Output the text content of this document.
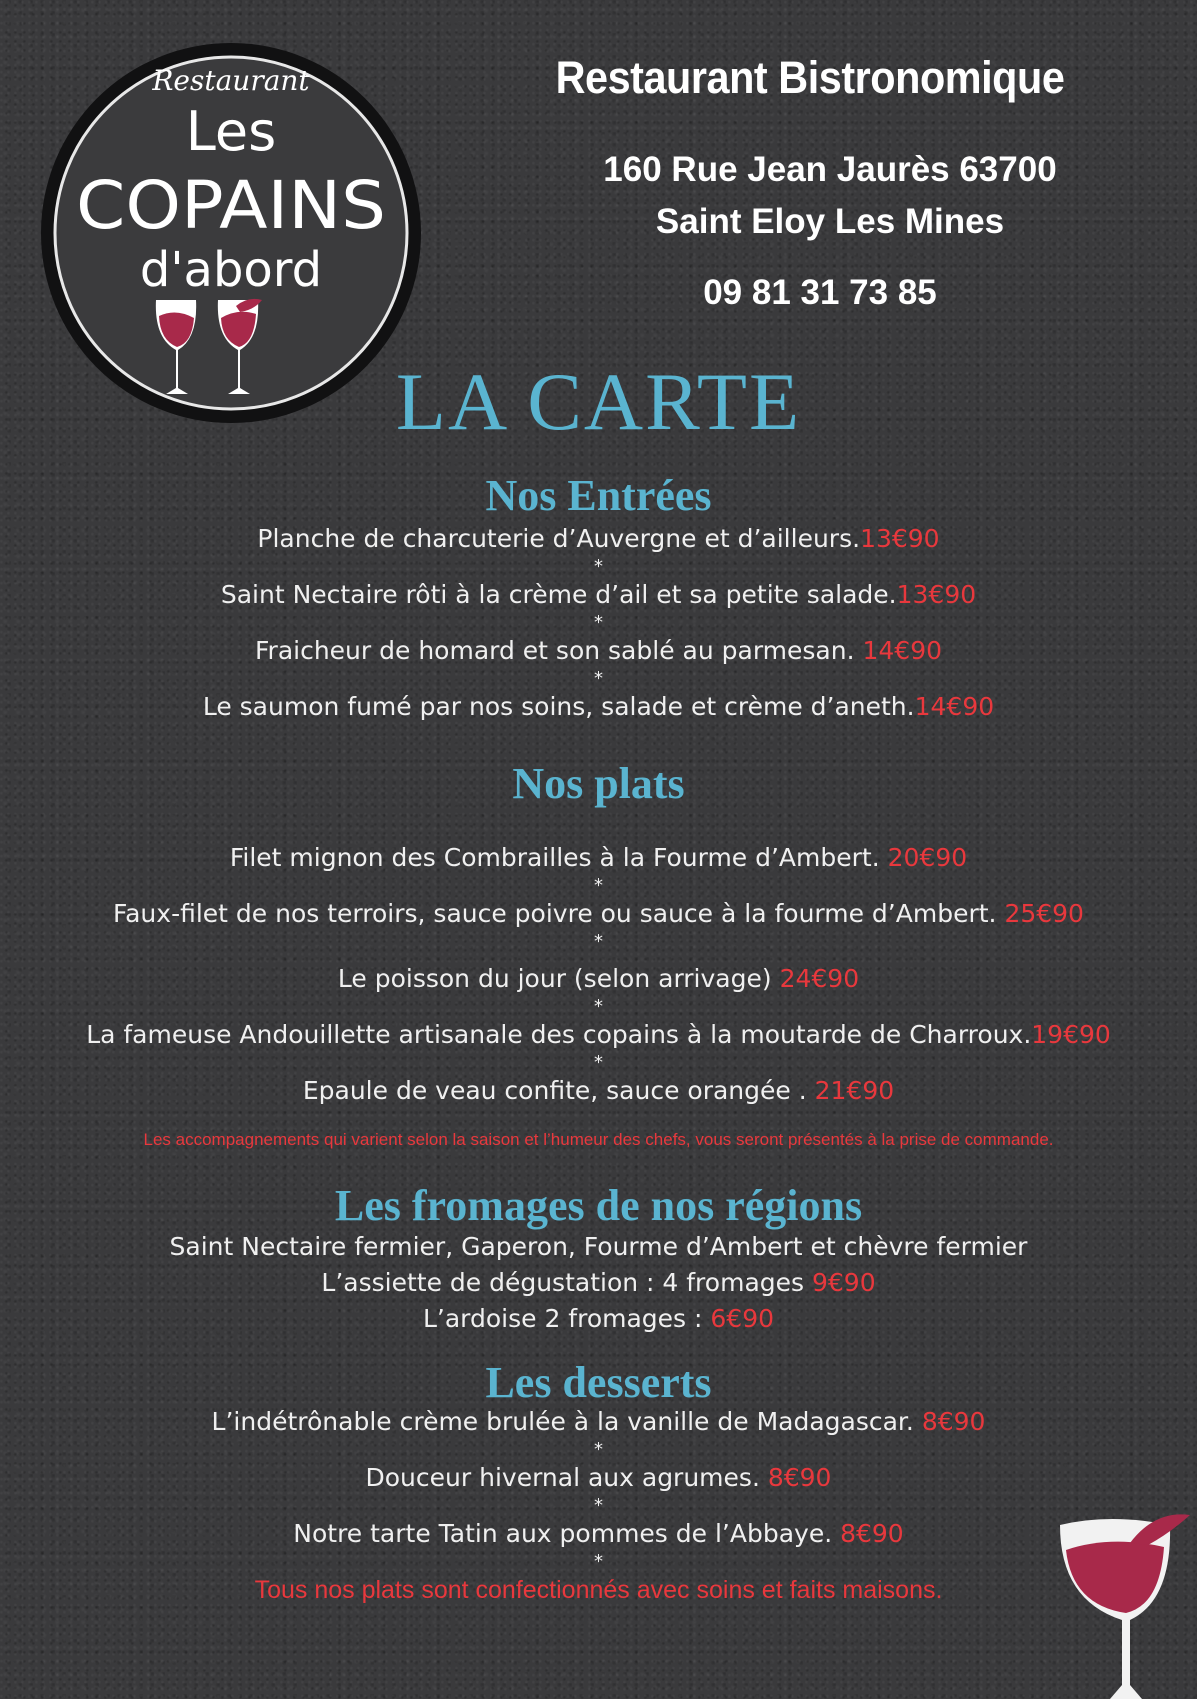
Restaurant
Les
COPAINS
d'abord
Restaurant Bistronomique
160 Rue Jean Jaurès 63700
Saint Eloy Les Mines
09 81 31 73 85
LA CARTE
Nos Entrées
Planche de charcuterie d’Auvergne et d’ailleurs.13€90
*
Saint Nectaire rôti à la crème d’ail et sa petite salade.13€90
*
Fraicheur de homard et son sablé au parmesan. 14€90
*
Le saumon fumé par nos soins, salade et crème d’aneth.14€90
Nos plats
Filet mignon des Combrailles à la Fourme d’Ambert. 20€90
*
Faux-filet de nos terroirs, sauce poivre ou sauce à la fourme d’Ambert. 25€90
*
Le poisson du jour (selon arrivage) 24€90
*
La fameuse Andouillette artisanale des copains à la moutarde de Charroux.19€90
*
Epaule de veau confite, sauce orangée . 21€90
Les accompagnements qui varient selon la saison et l’humeur des chefs, vous seront présentés à la prise de commande.
Les fromages de nos régions
Saint Nectaire fermier, Gaperon, Fourme d’Ambert et chèvre fermier
L’assiette de dégustation : 4 fromages 9€90
L’ardoise 2 fromages : 6€90
Les desserts
L’indétrônable crème brulée à la vanille de Madagascar. 8€90
*
Douceur hivernal aux agrumes. 8€90
*
Notre tarte Tatin aux pommes de l’Abbaye. 8€90
*
Tous nos plats sont confectionnés avec soins et faits maisons.
